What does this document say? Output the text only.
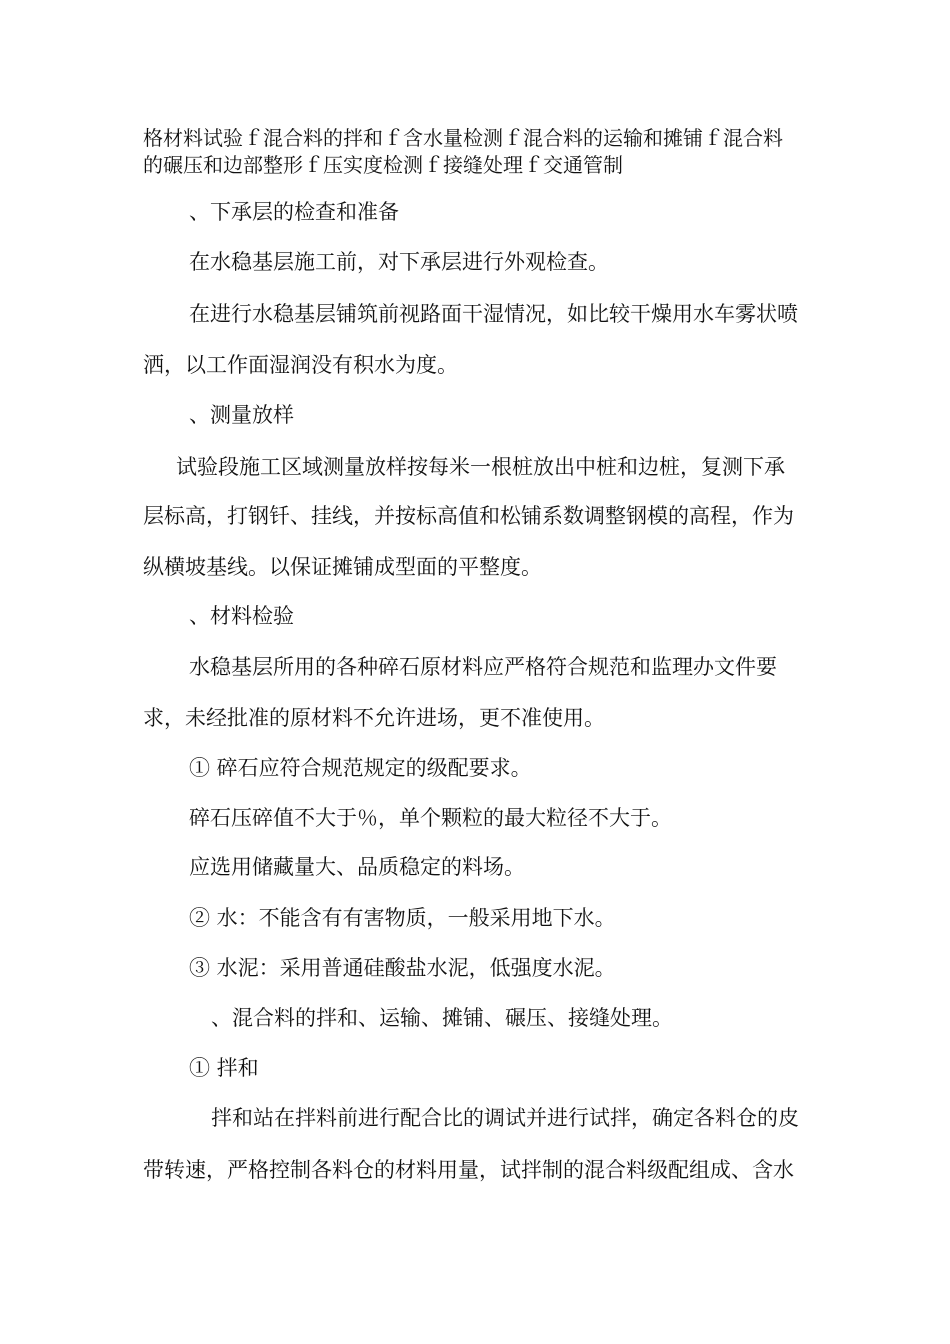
格材料试验ｆ混合料的拌和ｆ含水量检测ｆ混合料的运输和摊铺ｆ混合料
的碾压和边部整形ｆ压实度检测ｆ接缝处理ｆ交通管制
、下承层的检查和准备
在水稳基层施工前，对下承层进行外观检查。
在进行水稳基层铺筑前视路面干湿情况，如比较干燥用水车雾状喷
洒，以工作面湿润没有积水为度。
、测量放样
试验段施工区域测量放样按每米一根桩放出中桩和边桩，复测下承
层标高，打钢钎、挂线，并按标高值和松铺系数调整钢模的高程，作为
纵横坡基线。以保证摊铺成型面的平整度。
、材料检验
水稳基层所用的各种碎石原材料应严格符合规范和监理办文件要
求，未经批准的原材料不允许进场，更不准使用。
① 碎石应符合规范规定的级配要求。
碎石压碎值不大于％，单个颗粒的最大粒径不大于。
应选用储藏量大、品质稳定的料场。
② 水：不能含有有害物质，一般采用地下水。
③ 水泥：采用普通硅酸盐水泥，低强度水泥。
、混合料的拌和、运输、摊铺、碾压、接缝处理。
① 拌和
拌和站在拌料前进行配合比的调试并进行试拌，确定各料仓的皮
带转速，严格控制各料仓的材料用量，试拌制的混合料级配组成、含水
